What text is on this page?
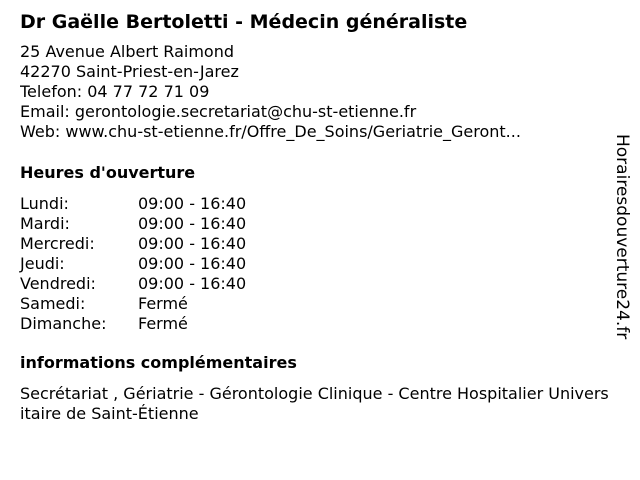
Dr Gaëlle Bertoletti - Médecin généraliste
25 Avenue Albert Raimond
42270 Saint-Priest-en-Jarez
Telefon: 04 77 72 71 09
Email: gerontologie.secretariat@chu-st-etienne.fr
Web: www.chu-st-etienne.fr/Offre_De_Soins/Geriatrie_Geront...
Heures d'ouverture
Lundi:	09:00 - 16:40
Mardi:	09:00 - 16:40
Mercredi:	09:00 - 16:40
Jeudi:	09:00 - 16:40
Vendredi:	09:00 - 16:40
Samedi:	Fermé
Dimanche:	Fermé
informations complémentaires
Secrétariat , Gériatrie - Gérontologie Clinique - Centre Hospitalier Universitaire de Saint-Étienne
Horairesdouverture24.fr
